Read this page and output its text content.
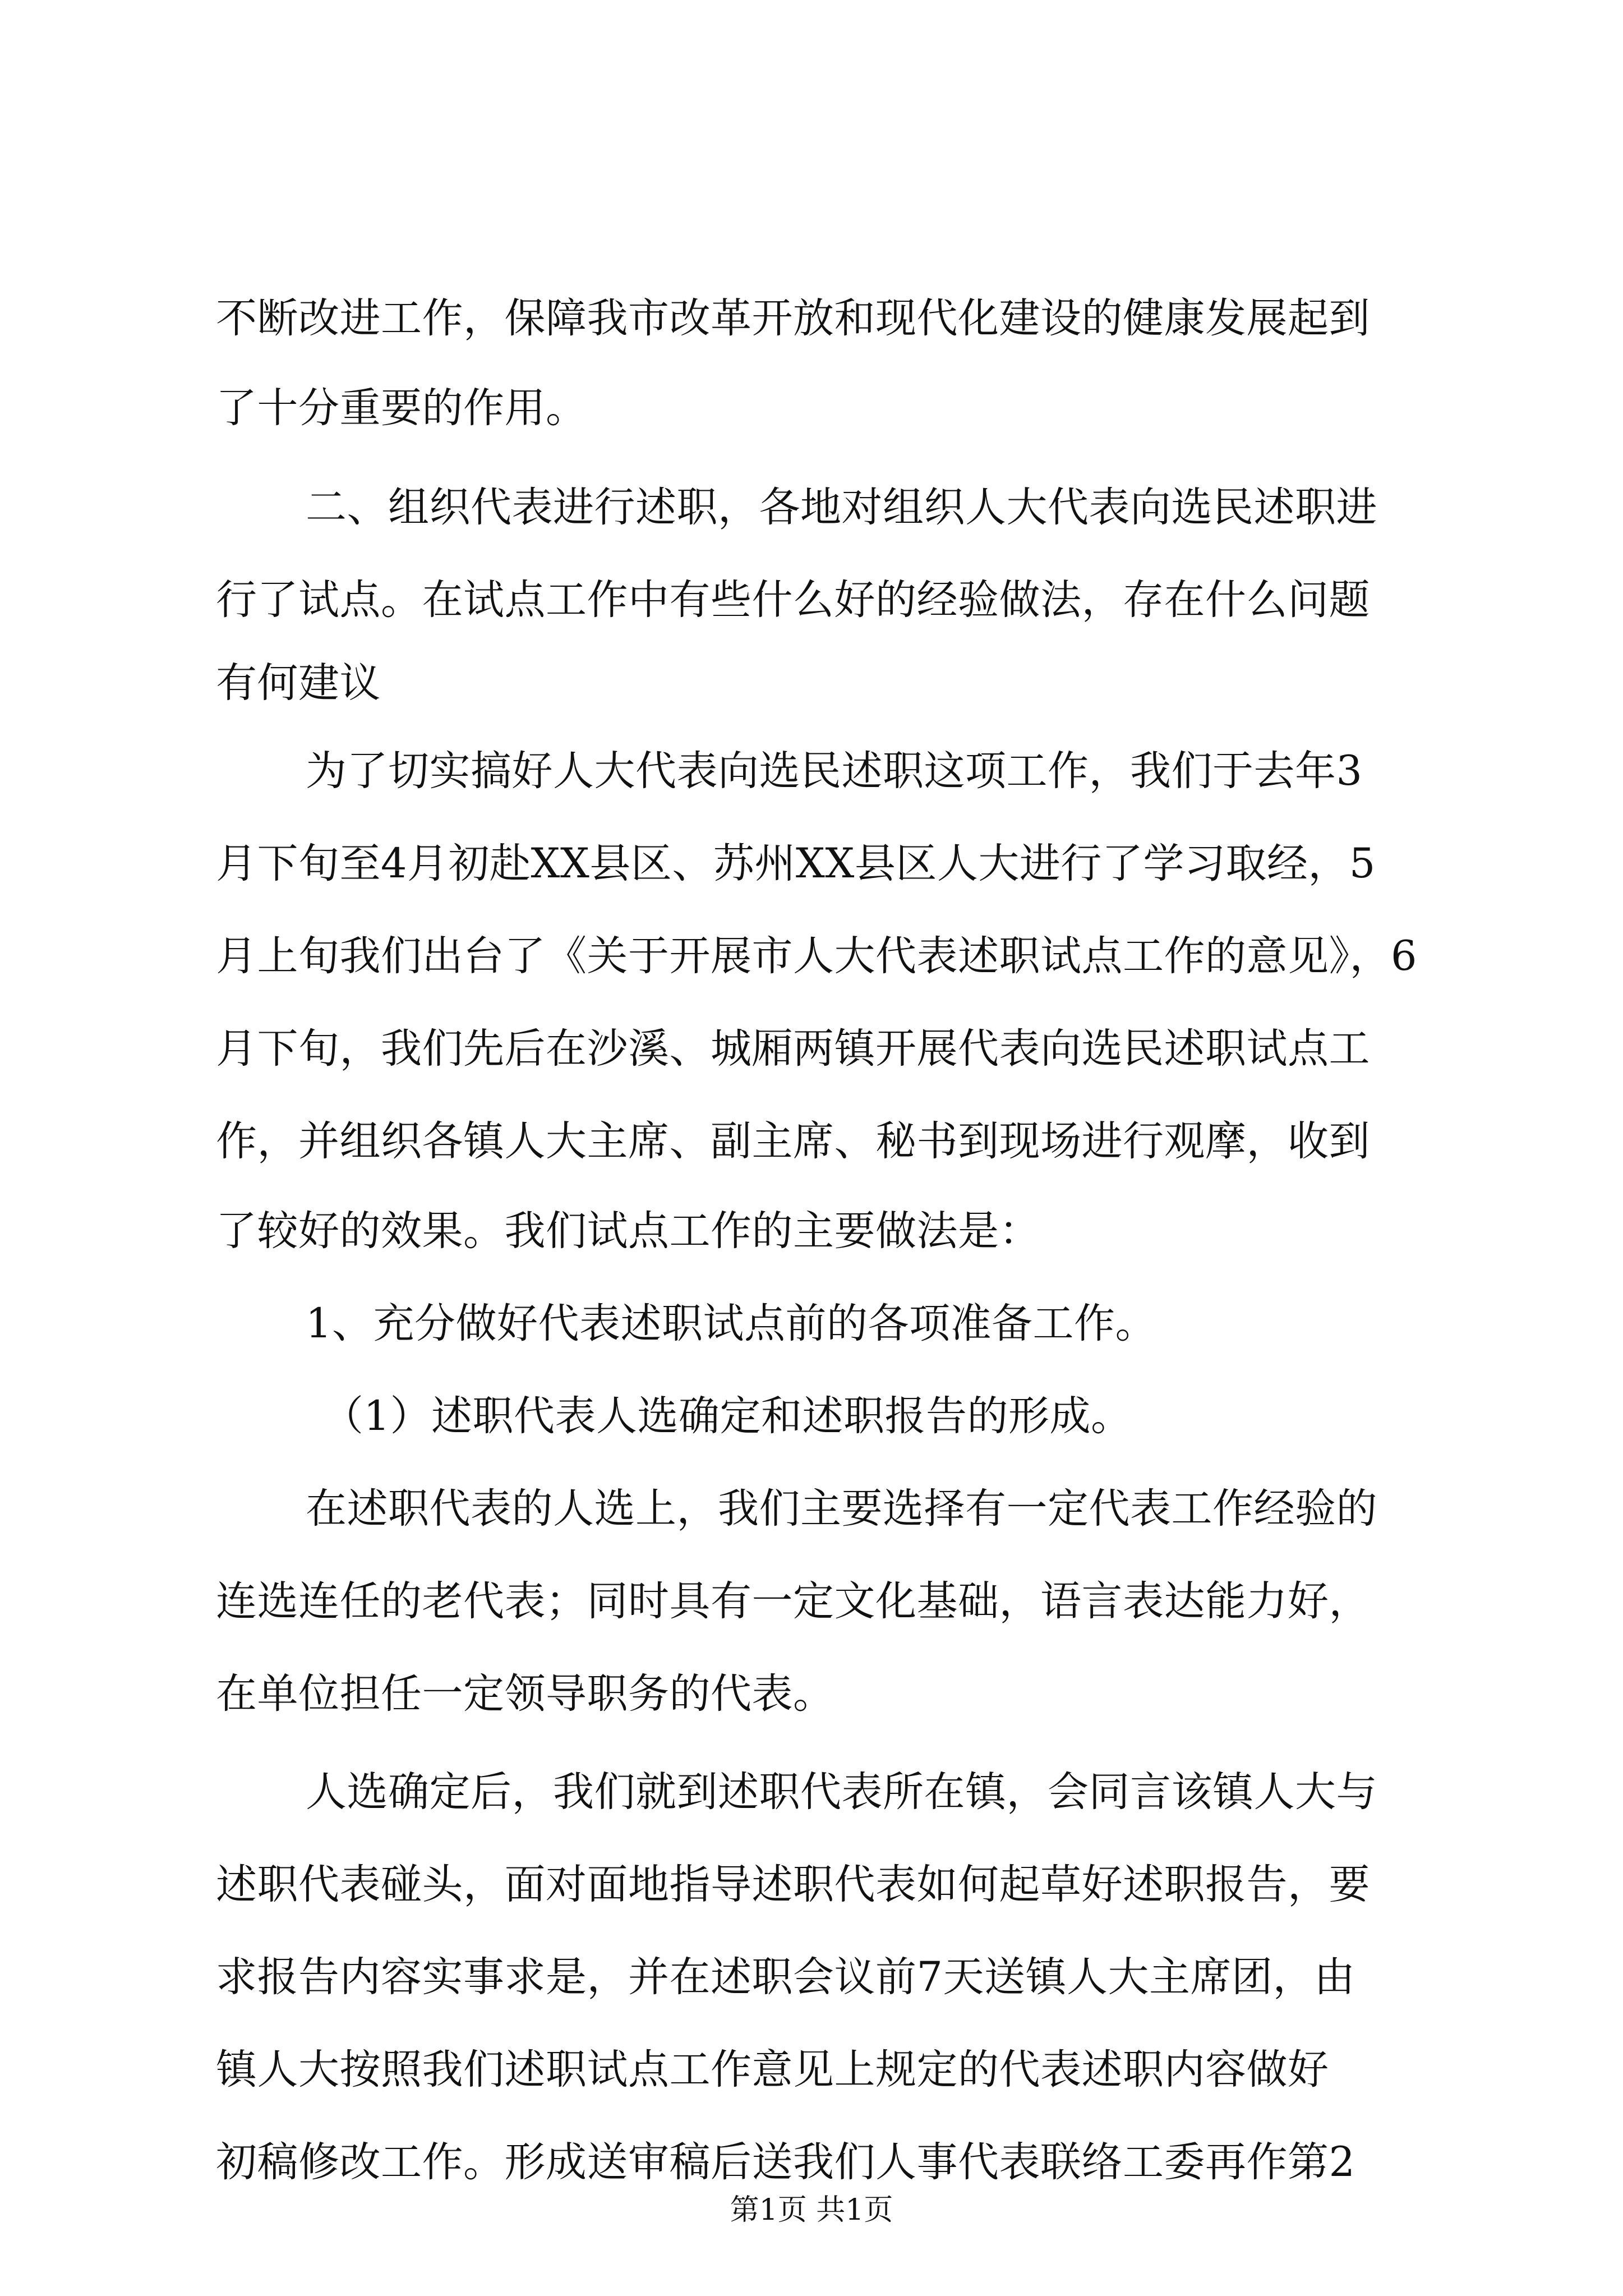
不断改进工作，保障我市改革开放和现代化建设的健康发展起到
了十分重要的作用。
二、组织代表进行述职，各地对组织人大代表向选民述职进
行了试点。在试点工作中有些什么好的经验做法，存在什么问题
有何建议
为了切实搞好人大代表向选民述职这项工作，我们于去年3
月下旬至4月初赴XX县区、苏州XX县区人大进行了学习取经，5
月上旬我们出台了《关于开展市人大代表述职试点工作的意见》，6
月下旬，我们先后在沙溪、城厢两镇开展代表向选民述职试点工
作，并组织各镇人大主席、副主席、秘书到现场进行观摩，收到
了较好的效果。我们试点工作的主要做法是：
1、充分做好代表述职试点前的各项准备工作。
（1）述职代表人选确定和述职报告的形成。
在述职代表的人选上，我们主要选择有一定代表工作经验的
连选连任的老代表；同时具有一定文化基础，语言表达能力好，
在单位担任一定领导职务的代表。
人选确定后，我们就到述职代表所在镇，会同言该镇人大与
述职代表碰头，面对面地指导述职代表如何起草好述职报告，要
求报告内容实事求是，并在述职会议前7天送镇人大主席团，由
镇人大按照我们述职试点工作意见上规定的代表述职内容做好
初稿修改工作。形成送审稿后送我们人事代表联络工委再作第2
第1页 共1页
